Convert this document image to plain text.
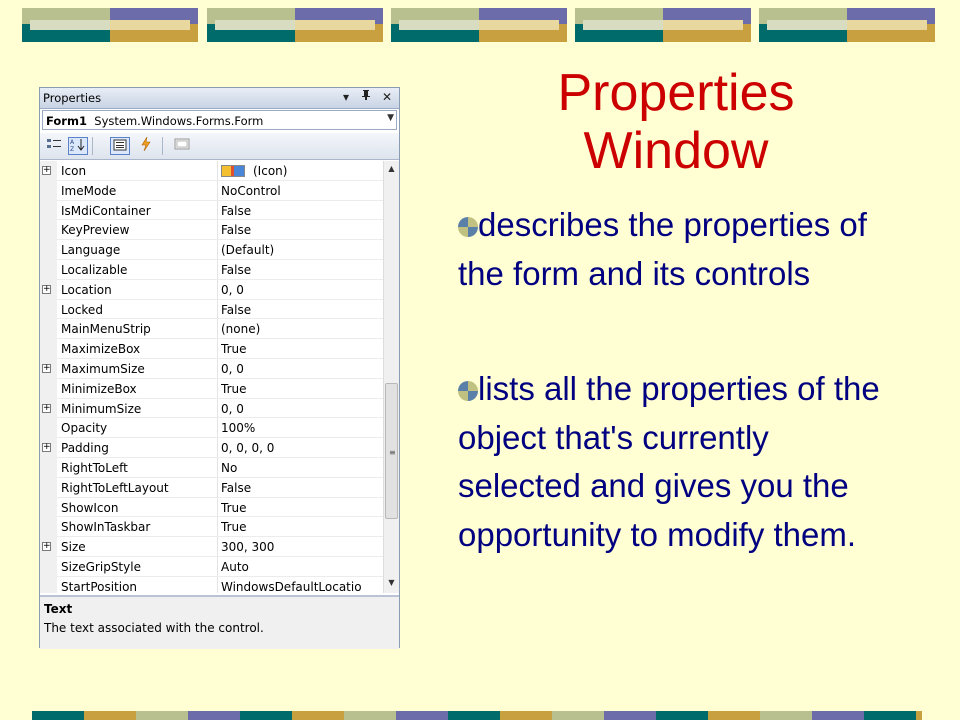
Properties	▾	✕
Form1 System.Windows.Forms.Form	▼
A
Z
+ Icon	(Icon)
ImeMode	NoControl
IsMdiContainer	False
KeyPreview	False
Language	(Default)
Localizable	False
+ Location	0, 0
Locked	False
MainMenuStrip	(none)
MaximizeBox	True
+ MaximumSize	0, 0
MinimizeBox	True
+ MinimumSize	0, 0
Opacity	100%
+ Padding	0, 0, 0, 0
RightToLeft	No
RightToLeftLayout	False
ShowIcon	True
ShowInTaskbar	True
+ Size	300, 300
SizeGripStyle	Auto
StartPosition	WindowsDefaultLocatio
▲
≡
▼
Text
The text associated with the control.
Properties
Window
describes the properties of the form and its controls
lists all the properties of the object that's currently selected and gives you the opportunity to modify them.
